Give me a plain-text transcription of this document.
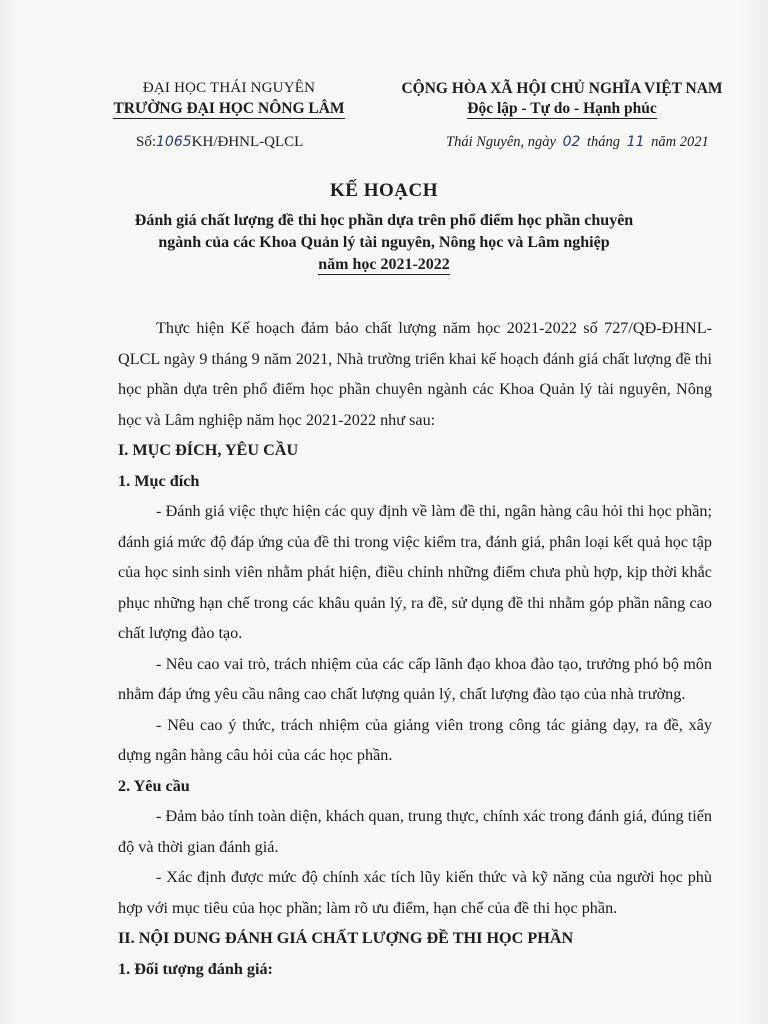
ĐẠI HỌC THÁI NGUYÊN
TRƯỜNG ĐẠI HỌC NÔNG LÂM
CỘNG HÒA XÃ HỘI CHỦ NGHĨA VIỆT NAM
Độc lập - Tự do - Hạnh phúc
Số:1065KH/ĐHNL-QLCL	Thái Nguyên, ngày 02 tháng 11 năm 2021
KẾ HOẠCH
Đánh giá chất lượng đề thi học phần dựa trên phổ điểm học phần chuyên
ngành của các Khoa Quản lý tài nguyên, Nông học và Lâm nghiệp
năm học 2021-2022

Thực hiện Kế hoạch đảm bảo chất lượng năm học 2021-2022 số 727/QĐ-ĐHNL-QLCL ngày 9 tháng 9 năm 2021, Nhà trường triển khai kế hoạch đánh giá chất lượng đề thi học phần dựa trên phổ điểm học phần chuyên ngành các Khoa Quản lý tài nguyên, Nông học và Lâm nghiệp năm học 2021-2022 như sau:

I. MỤC ĐÍCH, YÊU CẦU

1. Mục đích

- Đánh giá việc thực hiện các quy định về làm đề thi, ngân hàng câu hỏi thi học phần; đánh giá mức độ đáp ứng của đề thi trong việc kiểm tra, đánh giá, phân loại kết quả học tập của học sinh sinh viên nhằm phát hiện, điều chỉnh những điểm chưa phù hợp, kịp thời khắc phục những hạn chế trong các khâu quản lý, ra đề, sử dụng đề thi nhằm góp phần nâng cao chất lượng đào tạo.

- Nêu cao vai trò, trách nhiệm của các cấp lãnh đạo khoa đào tạo, trưởng phó bộ môn nhằm đáp ứng yêu cầu nâng cao chất lượng quản lý, chất lượng đào tạo của nhà trường.

- Nêu cao ý thức, trách nhiệm của giảng viên trong công tác giảng dạy, ra đề, xây dựng ngân hàng câu hỏi của các học phần.

2. Yêu cầu

- Đảm bảo tính toàn diện, khách quan, trung thực, chính xác trong đánh giá, đúng tiến độ và thời gian đánh giá.

- Xác định được mức độ chính xác tích lũy kiến thức và kỹ năng của người học phù hợp với mục tiêu của học phần; làm rõ ưu điểm, hạn chế của đề thi học phần.

II. NỘI DUNG ĐÁNH GIÁ CHẤT LƯỢNG ĐỀ THI HỌC PHẦN

1. Đối tượng đánh giá:
